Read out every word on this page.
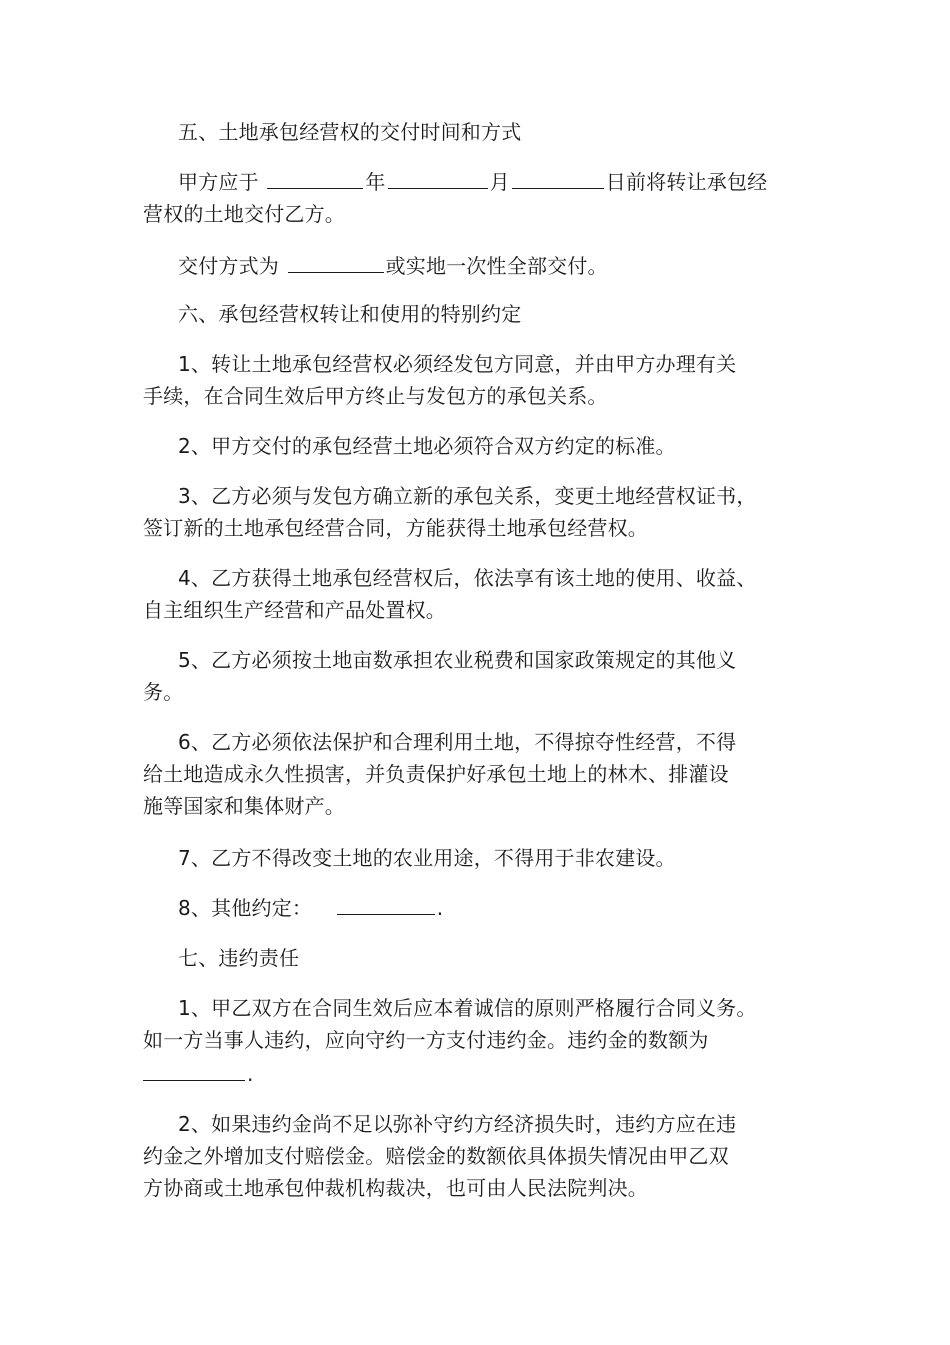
五、土地承包经营权的交付时间和方式
甲方应于	年	月	日前将转让承包经
营权的土地交付乙方。
交付方式为	或实地一次性全部交付。
六、承包经营权转让和使用的特别约定
1、转让土地承包经营权必须经发包方同意，并由甲方办理有关
手续，在合同生效后甲方终止与发包方的承包关系。
2、甲方交付的承包经营土地必须符合双方约定的标准。
3、乙方必须与发包方确立新的承包关系，变更土地经营权证书，
签订新的土地承包经营合同，方能获得土地承包经营权。
4、乙方获得土地承包经营权后，依法享有该土地的使用、收益、
自主组织生产经营和产品处置权。
5、乙方必须按土地亩数承担农业税费和国家政策规定的其他义
务。
6、乙方必须依法保护和合理利用土地，不得掠夺性经营，不得
给土地造成永久性损害，并负责保护好承包土地上的林木、排灌设
施等国家和集体财产。
7、乙方不得改变土地的农业用途，不得用于非农建设。
8、其他约定：	.
七、违约责任
1、甲乙双方在合同生效后应本着诚信的原则严格履行合同义务。
如一方当事人违约，应向守约一方支付违约金。违约金的数额为
.
2、如果违约金尚不足以弥补守约方经济损失时，违约方应在违
约金之外增加支付赔偿金。赔偿金的数额依具体损失情况由甲乙双
方协商或土地承包仲裁机构裁决，也可由人民法院判决。
